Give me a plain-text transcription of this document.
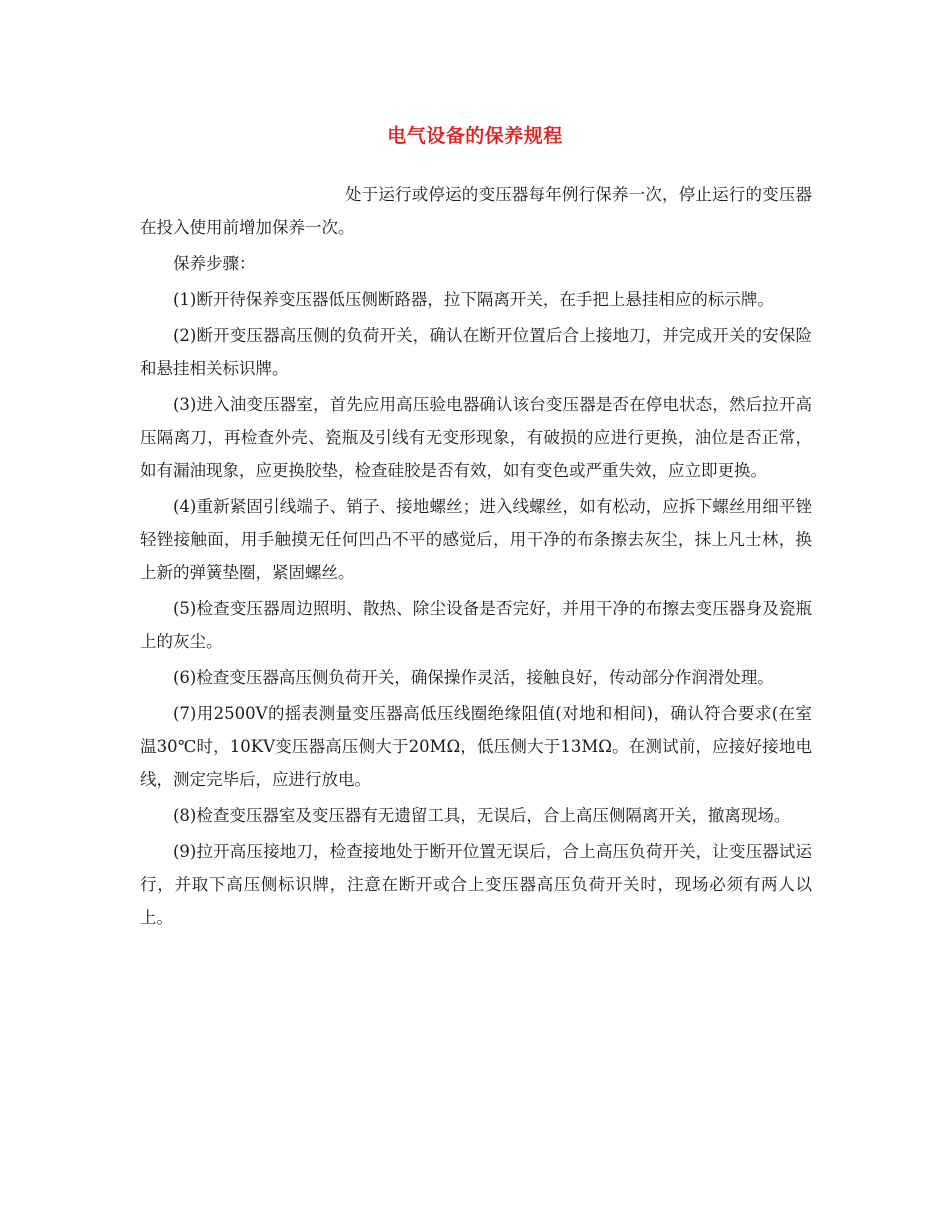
电气设备的保养规程

处于运行或停运的变压器每年例行保养一次，停止运行的变压器在投入使用前增加保养一次。

保养步骤：

(1)断开待保养变压器低压侧断路器，拉下隔离开关，在手把上悬挂相应的标示牌。

(2)断开变压器高压侧的负荷开关，确认在断开位置后合上接地刀，并完成开关的安保险和悬挂相关标识牌。

(3)进入油变压器室，首先应用高压验电器确认该台变压器是否在停电状态，然后拉开高压隔离刀，再检查外壳、瓷瓶及引线有无变形现象，有破损的应进行更换，油位是否正常，如有漏油现象，应更换胶垫，检查硅胶是否有效，如有变色或严重失效，应立即更换。

(4)重新紧固引线端子、销子、接地螺丝；进入线螺丝，如有松动，应拆下螺丝用细平锉轻锉接触面，用手触摸无任何凹凸不平的感觉后，用干净的布条擦去灰尘，抹上凡士林，换上新的弹簧垫圈，紧固螺丝。

(5)检查变压器周边照明、散热、除尘设备是否完好，并用干净的布擦去变压器身及瓷瓶上的灰尘。

(6)检查变压器高压侧负荷开关，确保操作灵活，接触良好，传动部分作润滑处理。

(7)用2500V的摇表测量变压器高低压线圈绝缘阻值(对地和相间)，确认符合要求(在室温30℃时，10KV变压器高压侧大于20MΩ，低压侧大于13MΩ。在测试前，应接好接地电线，测定完毕后，应进行放电。

(8)检查变压器室及变压器有无遗留工具，无误后，合上高压侧隔离开关，撤离现场。

(9)拉开高压接地刀，检查接地处于断开位置无误后，合上高压负荷开关，让变压器试运行，并取下高压侧标识牌，注意在断开或合上变压器高压负荷开关时，现场必须有两人以上。
